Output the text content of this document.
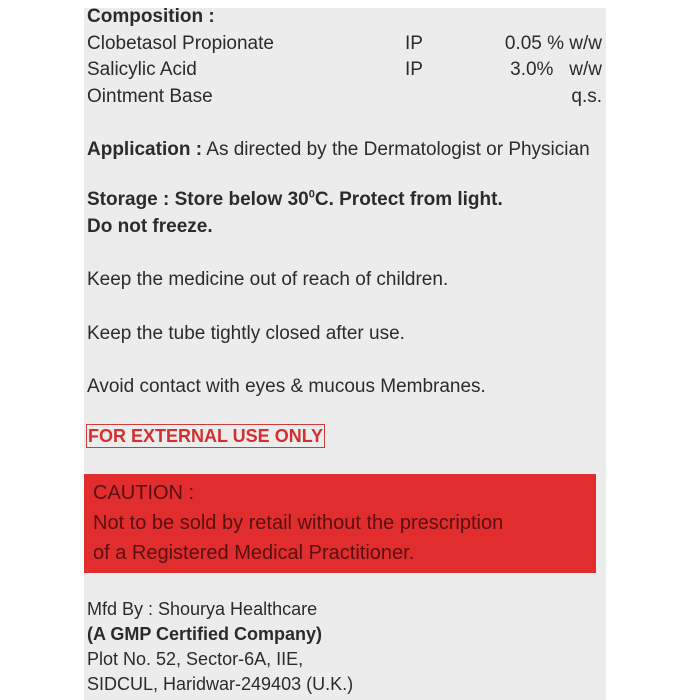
Composition :
Clobetasol Propionate	IP	0.05 % w/w
Salicylic Acid	IP	3.0%   w/w
Ointment Base	q.s.
Application : As directed by the Dermatologist or Physician
Storage : Store below $30^0C$. Protect from light.
Do not freeze.
Keep the medicine out of reach of children.
Keep the tube tightly closed after use.
Avoid contact with eyes & mucous Membranes.
FOR EXTERNAL USE ONLY
CAUTION :
Not to be sold by retail without the prescription
of a Registered Medical Practitioner.
Mfd By : Shourya Healthcare
(A GMP Certified Company)
Plot No. 52, Sector-6A, IIE,
SIDCUL, Haridwar-249403 (U.K.)
